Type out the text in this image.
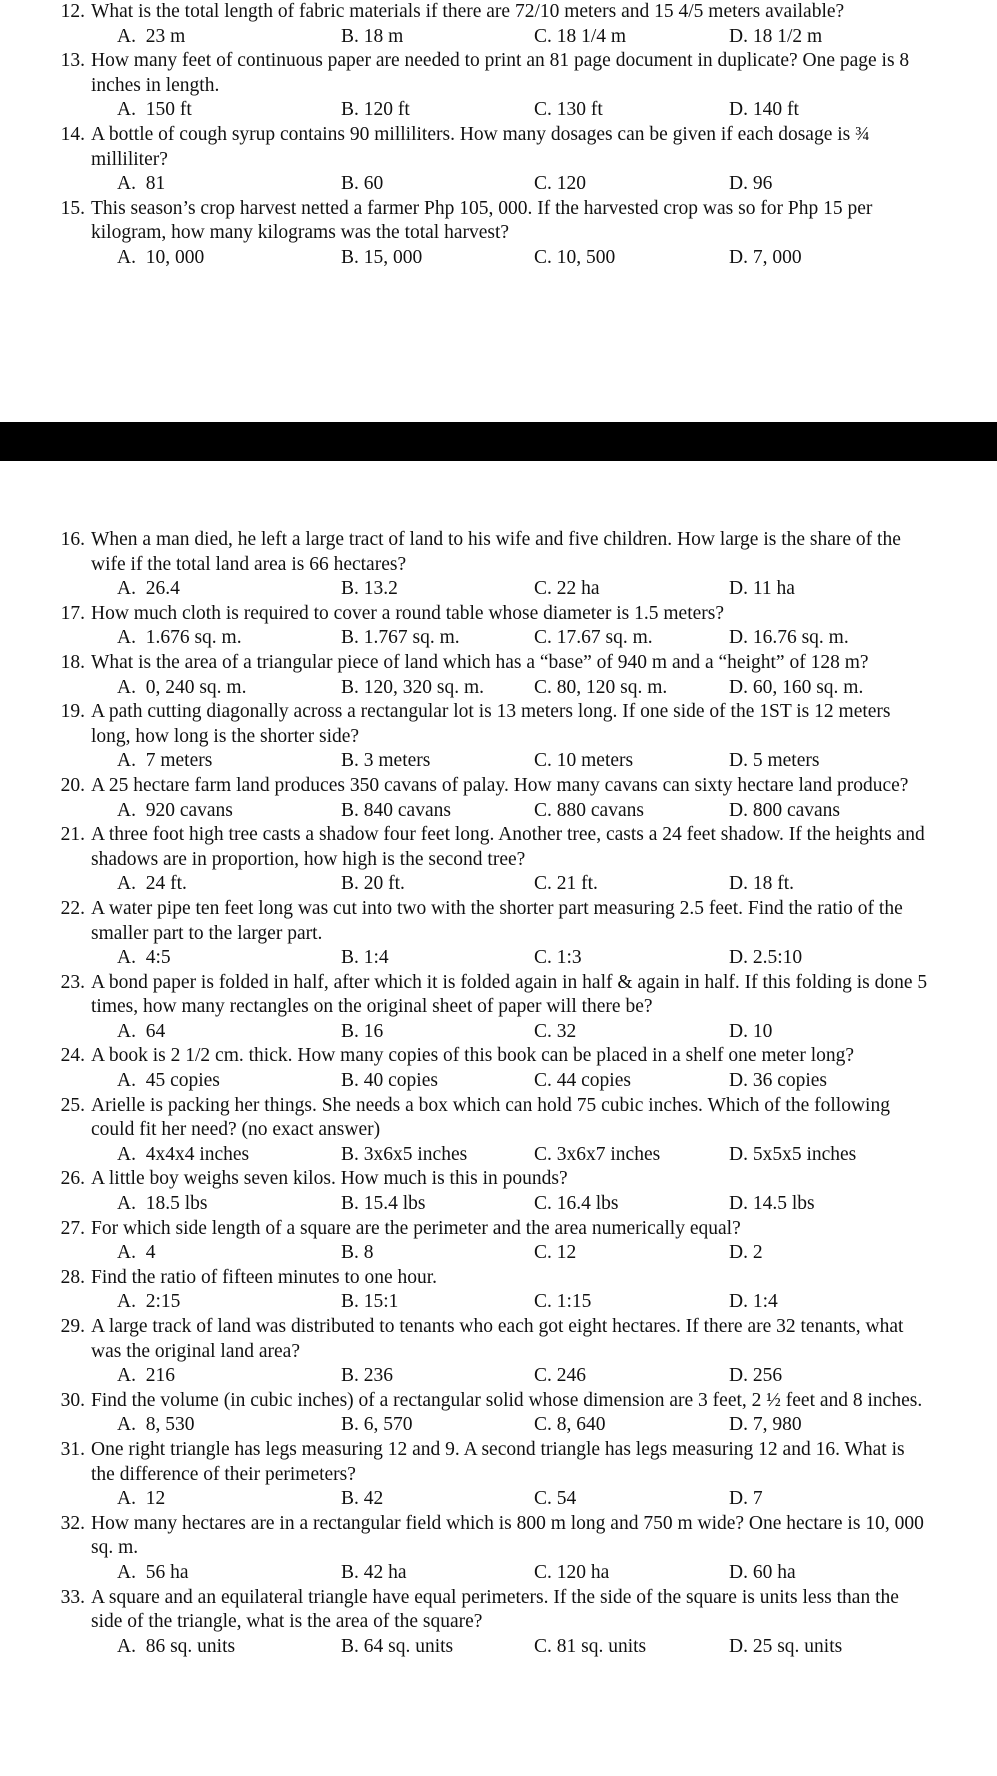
12. What is the total length of fabric materials if there are 72/10 meters and 15 4/5 meters available?
A.  23 m	B. 18 m	C. 18 1/4 m	D. 18 1/2 m
13. How many feet of continuous paper are needed to print an 81 page document in duplicate? One page is 8 inches in length.
A.  150 ft	B. 120 ft	C. 130 ft	D. 140 ft
14. A bottle of cough syrup contains 90 milliliters. How many dosages can be given if each dosage is ¾ milliliter?
A.  81	B. 60	C. 120	D. 96
15. This season’s crop harvest netted a farmer Php 105, 000. If the harvested crop was so for Php 15 per kilogram, how many kilograms was the total harvest?
A.  10, 000	B. 15, 000	C. 10, 500	D. 7, 000
16. When a man died, he left a large tract of land to his wife and five children. How large is the share of the wife if the total land area is 66 hectares?
A.  26.4	B. 13.2	C. 22 ha	D. 11 ha
17. How much cloth is required to cover a round table whose diameter is 1.5 meters?
A.  1.676 sq. m.	B. 1.767 sq. m.	C. 17.67 sq. m.	D. 16.76 sq. m.
18. What is the area of a triangular piece of land which has a “base” of 940 m and a “height” of 128 m?
A.  0, 240 sq. m.	B. 120, 320 sq. m.	C. 80, 120 sq. m.	D. 60, 160 sq. m.
19. A path cutting diagonally across a rectangular lot is 13 meters long. If one side of the 1ST is 12 meters long, how long is the shorter side?
A.  7 meters	B. 3 meters	C. 10 meters	D. 5 meters
20. A 25 hectare farm land produces 350 cavans of palay. How many cavans can sixty hectare land produce?
A.  920 cavans	B. 840 cavans	C. 880 cavans	D. 800 cavans
21. A three foot high tree casts a shadow four feet long. Another tree, casts a 24 feet shadow. If the heights and shadows are in proportion, how high is the second tree?
A.  24 ft.	B. 20 ft.	C. 21 ft.	D. 18 ft.
22. A water pipe ten feet long was cut into two with the shorter part measuring 2.5 feet. Find the ratio of the smaller part to the larger part.
A.  4:5	B. 1:4	C. 1:3	D. 2.5:10
23. A bond paper is folded in half, after which it is folded again in half & again in half. If this folding is done 5 times, how many rectangles on the original sheet of paper will there be?
A.  64	B. 16	C. 32	D. 10
24. A book is 2 1/2 cm. thick. How many copies of this book can be placed in a shelf one meter long?
A.  45 copies	B. 40 copies	C. 44 copies	D. 36 copies
25. Arielle is packing her things. She needs a box which can hold 75 cubic inches. Which of the following could fit her need? (no exact answer)
A.  4x4x4 inches	B. 3x6x5 inches	C. 3x6x7 inches	D. 5x5x5 inches
26. A little boy weighs seven kilos. How much is this in pounds?
A.  18.5 lbs	B. 15.4 lbs	C. 16.4 lbs	D. 14.5 lbs
27. For which side length of a square are the perimeter and the area numerically equal?
A.  4	B. 8	C. 12	D. 2
28. Find the ratio of fifteen minutes to one hour.
A.  2:15	B. 15:1	C. 1:15	D. 1:4
29. A large track of land was distributed to tenants who each got eight hectares. If there are 32 tenants, what was the original land area?
A.  216	B. 236	C. 246	D. 256
30. Find the volume (in cubic inches) of a rectangular solid whose dimension are 3 feet, 2 ½ feet and 8 inches.
A.  8, 530	B. 6, 570	C. 8, 640	D. 7, 980
31. One right triangle has legs measuring 12 and 9. A second triangle has legs measuring 12 and 16. What is the difference of their perimeters?
A.  12	B. 42	C. 54	D. 7
32. How many hectares are in a rectangular field which is 800 m long and 750 m wide? One hectare is 10, 000 sq. m.
A.  56 ha	B. 42 ha	C. 120 ha	D. 60 ha
33. A square and an equilateral triangle have equal perimeters. If the side of the square is units less than the side of the triangle, what is the area of the square?
A.  86 sq. units	B. 64 sq. units	C. 81 sq. units	D. 25 sq. units
